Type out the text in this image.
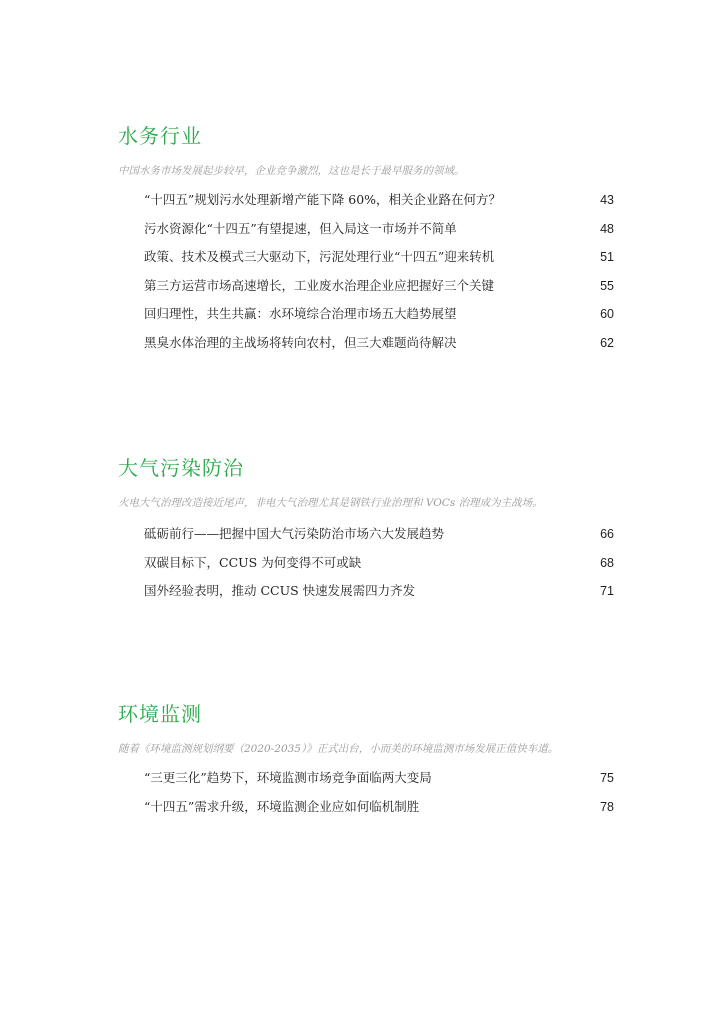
水务行业

中国水务市场发展起步较早，企业竞争激烈，这也是长于最早服务的领域。

“十四五”规划污水处理新增产能下降 60%，相关企业路在何方？	43
污水资源化“十四五”有望提速，但入局这一市场并不简单	48
政策、技术及模式三大驱动下，污泥处理行业“十四五”迎来转机	51
第三方运营市场高速增长，工业废水治理企业应把握好三个关键	55
回归理性，共生共赢：水环境综合治理市场五大趋势展望	60
黑臭水体治理的主战场将转向农村，但三大难题尚待解决	62
大气污染防治

火电大气治理改造接近尾声，非电大气治理尤其是钢铁行业治理和 VOCs 治理成为主战场。

砥砺前行——把握中国大气污染防治市场六大发展趋势	66
双碳目标下，CCUS 为何变得不可或缺	68
国外经验表明，推动 CCUS 快速发展需四力齐发	71
环境监测

随着《环境监测规划纲要（2020-2035）》正式出台，小而美的环境监测市场发展正值快车道。

“三更三化”趋势下，环境监测市场竞争面临两大变局	75
“十四五”需求升级，环境监测企业应如何临机制胜	78
